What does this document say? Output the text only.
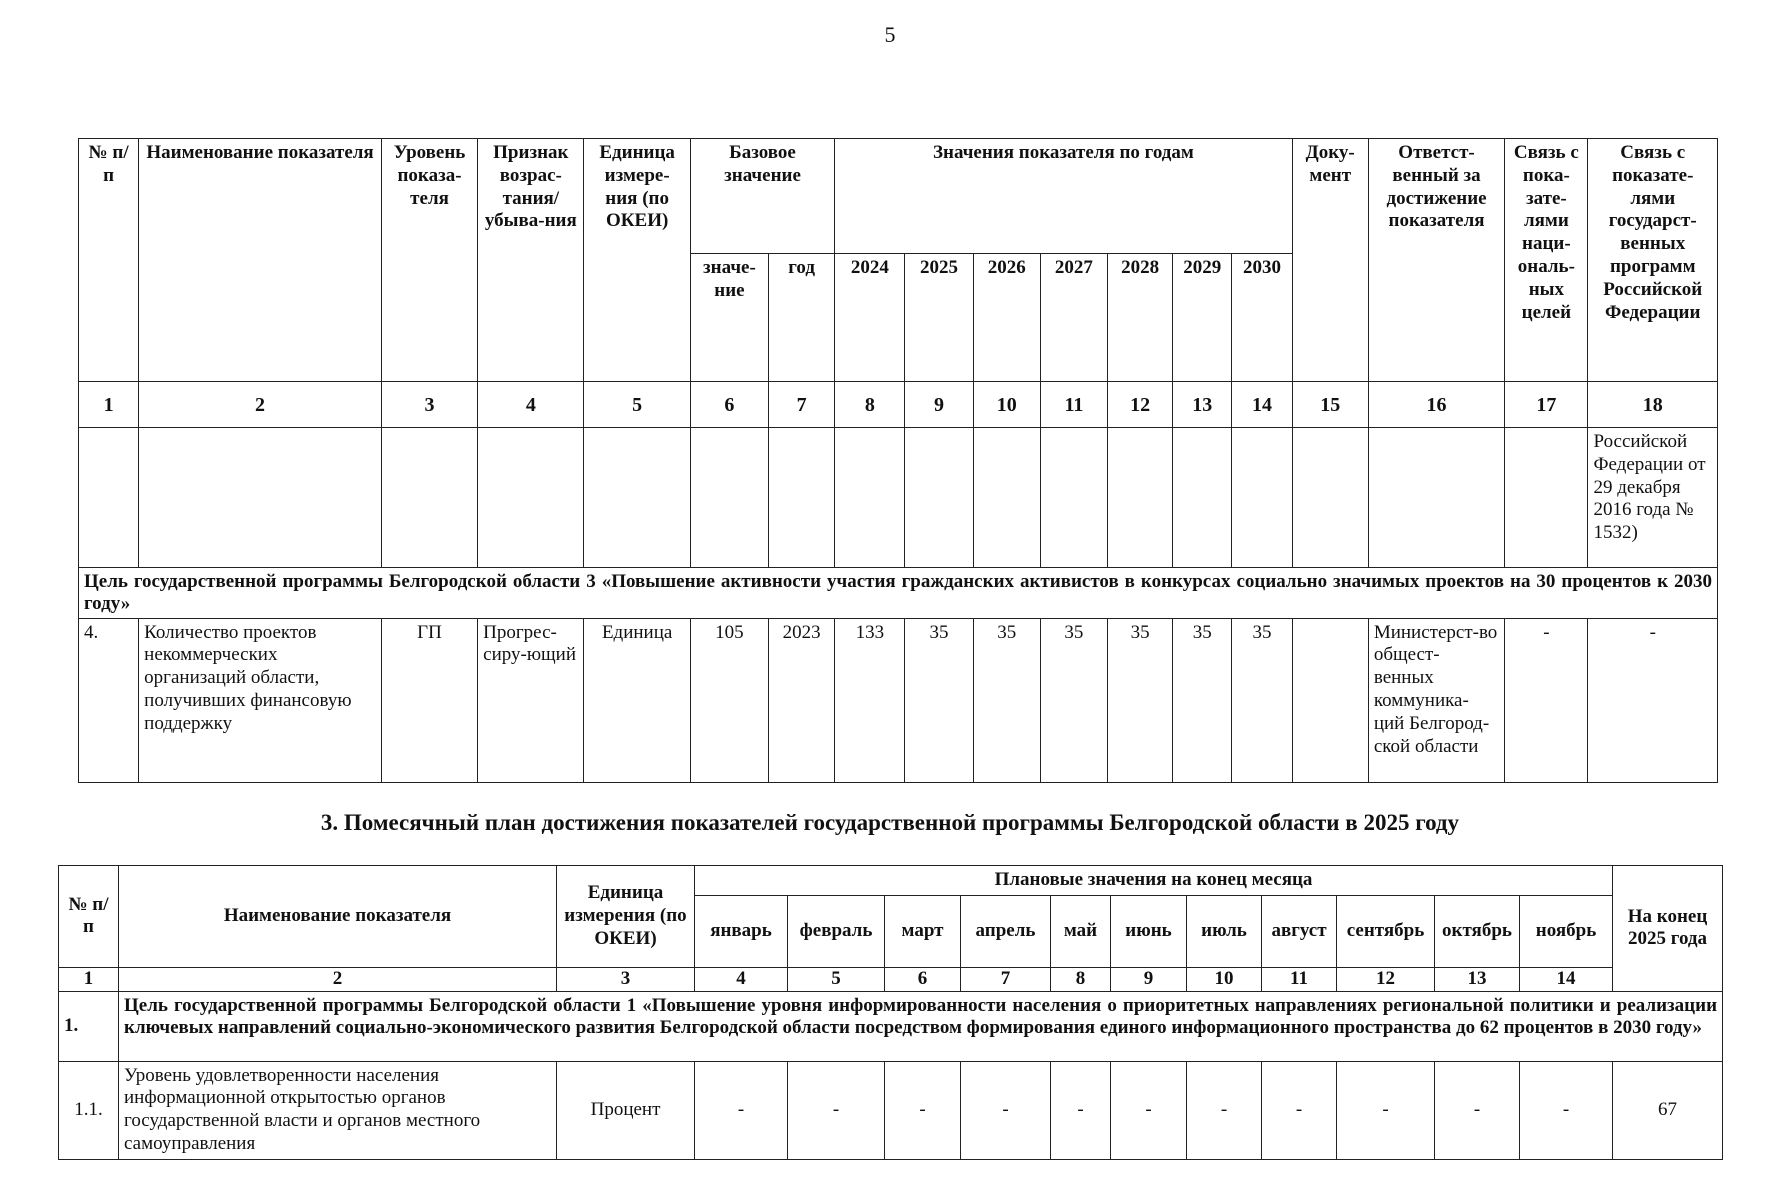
5
№ п/п	Наименование показателя	Уровень показа-теля	Признак возрас-тания/ убыва-ния	Единица измере-ния (по ОКЕИ)	Базовое значение		Значения показателя по годам							Доку-мент	Ответст-венный за достижение показателя	Связь с пока-зате-лями наци-ональ-ных целей	Связь с показате-лями государст-венных программ Российской Федерации
					значе-ние	год	2024	2025	2026	2027	2028	2029	2030				
1	2	3	4	5	6	7	8	9	10	11	12	13	14	15	16	17	18
																	Российской Федерации от 29 декабря 2016 года № 1532)
Цель государственной программы Белгородской области 3 «Повышение активности участия гражданских активистов в конкурсах социально значимых проектов на 30 процентов к 2030 году»																	
4.	Количество проектов некоммерческих организаций области, получивших финансовую поддержку	ГП	Прогрес-сиру-ющий	Единица	105	2023	133	35	35	35	35	35	35		Министерст-во общест-венных коммуника-ций Белгород-ской области	-	-
3. Помесячный план достижения показателей государственной программы Белгородской области в 2025 году
№ п/п	Наименование показателя	Единица измерения (по ОКЕИ)	Плановые значения на конец месяца											На конец 2025 года
			январь	февраль	март	апрель	май	июнь	июль	август	сентябрь	октябрь	ноябрь	
1	2	3	4	5	6	7	8	9	10	11	12	13	14	
1.	Цель государственной программы Белгородской области 1 «Повышение уровня информированности населения о приоритетных направлениях региональной политики и реализации ключевых направлений социально-экономического развития Белгородской области посредством формирования единого информационного пространства до 62 процентов в 2030 году»													
1.1.	Уровень удовлетворенности населения информационной открытостью органов государственной власти и органов местного самоуправления	Процент	-	-	-	-	-	-	-	-	-	-	-	67
